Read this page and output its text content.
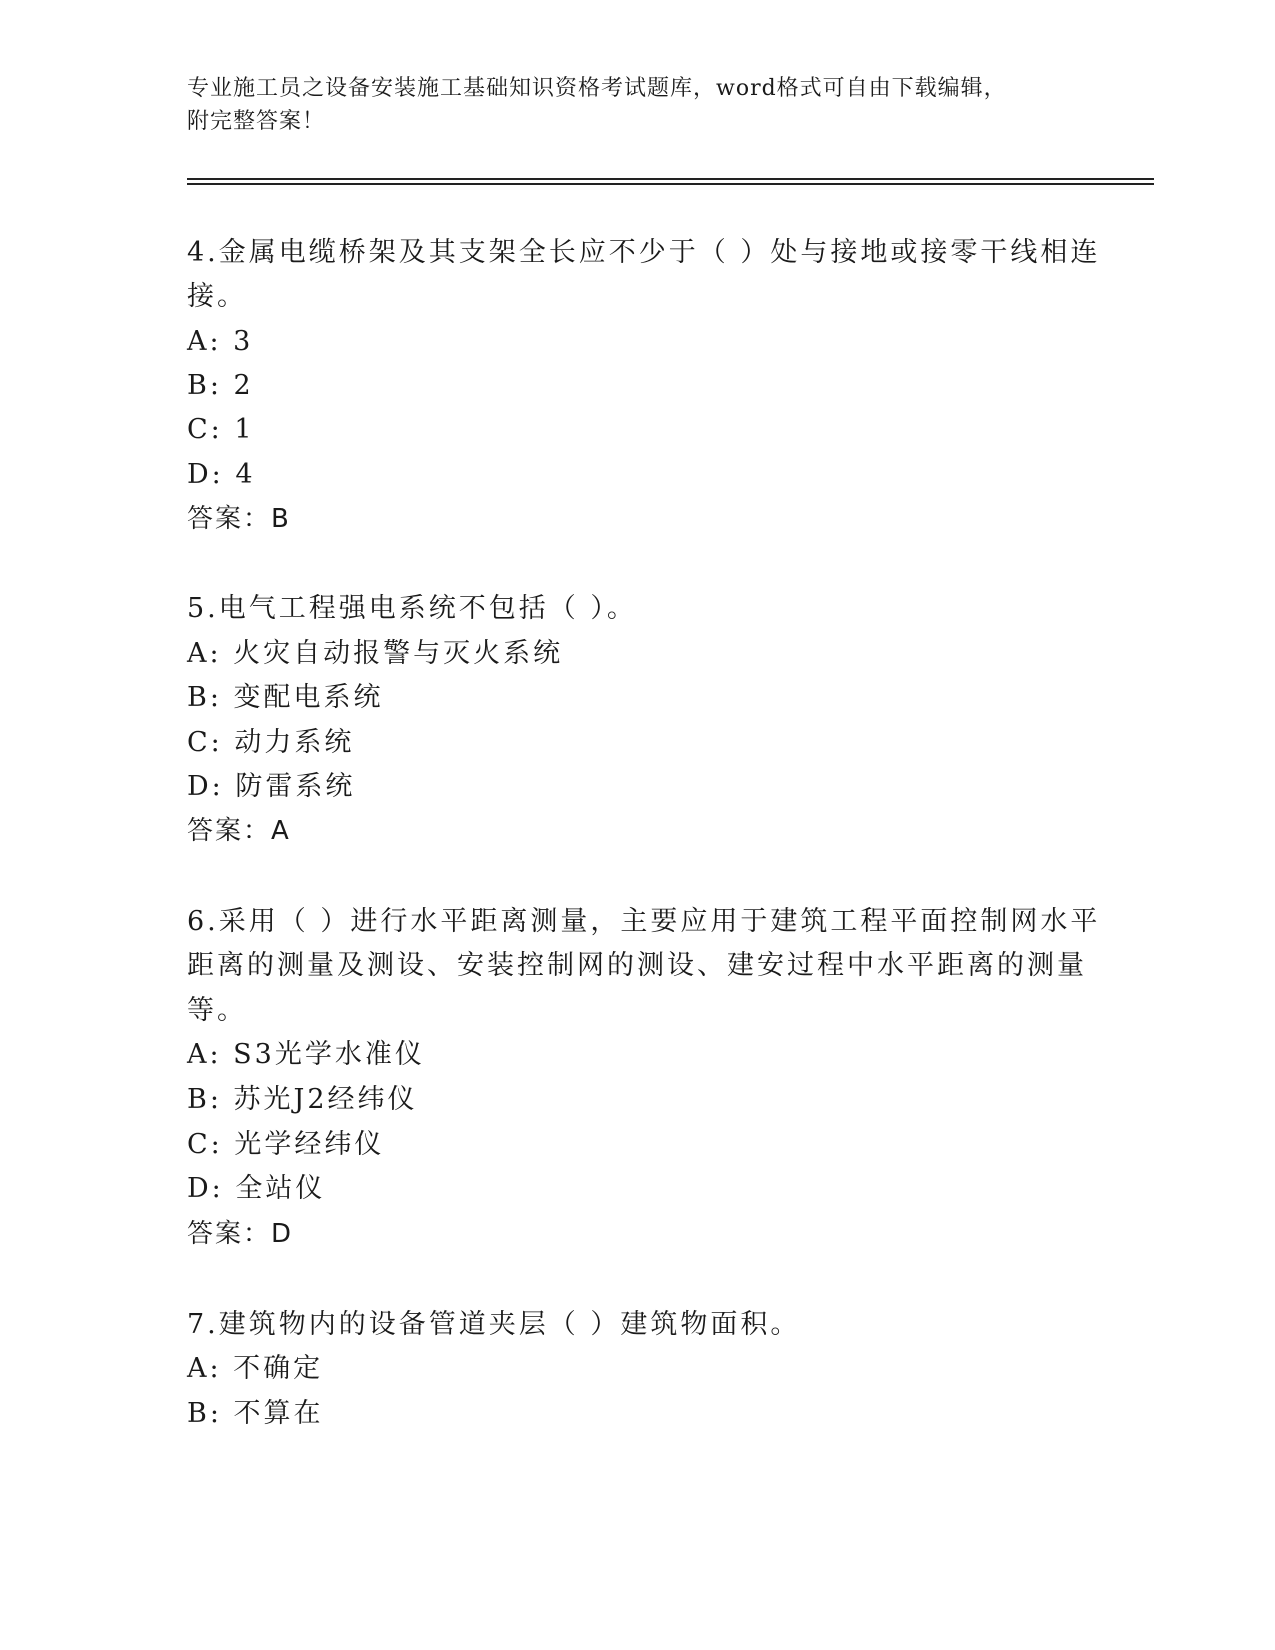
专业施工员之设备安装施工基础知识资格考试题库，word格式可自由下载编辑，
附完整答案！
4.金属电缆桥架及其支架全长应不少于（ ）处与接地或接零干线相连
接。
A: 3
B: 2
C: 1
D: 4
答案：B
5.电气工程强电系统不包括（ ）。
A: 火灾自动报警与灭火系统
B: 变配电系统
C: 动力系统
D: 防雷系统
答案：A
6.采用（ ）进行水平距离测量，主要应用于建筑工程平面控制网水平
距离的测量及测设、安装控制网的测设、建安过程中水平距离的测量
等。
A: S3光学水准仪
B: 苏光J2经纬仪
C: 光学经纬仪
D: 全站仪
答案：D
7.建筑物内的设备管道夹层（ ）建筑物面积。
A: 不确定
B: 不算在
